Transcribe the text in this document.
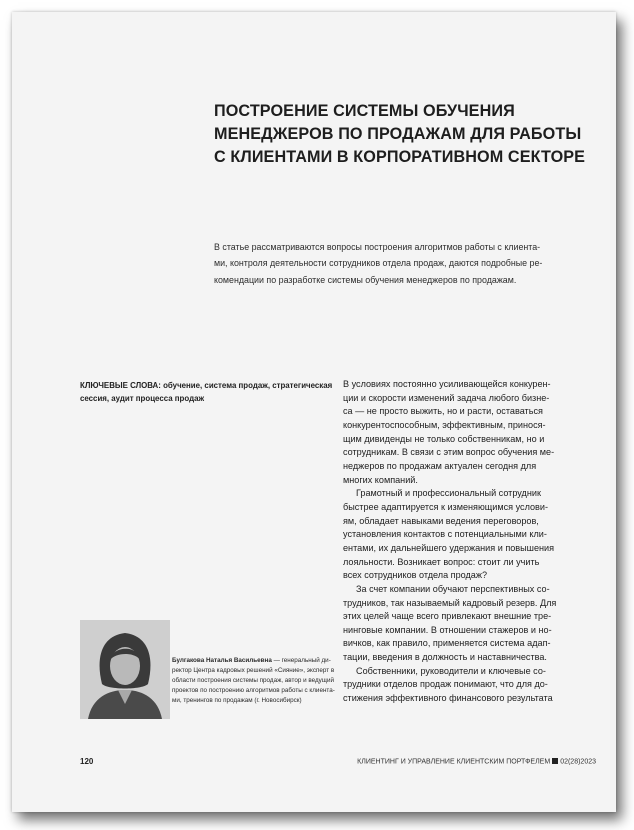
ПОСТРОЕНИЕ СИСТЕМЫ ОБУЧЕНИЯ
МЕНЕДЖЕРОВ ПО ПРОДАЖАМ ДЛЯ РАБОТЫ
С КЛИЕНТАМИ В КОРПОРАТИВНОМ СЕКТОРЕ

В статье рассматриваются вопросы построения алгоритмов работы с клиента-
ми, контроля деятельности сотрудников отдела продаж, даются подробные ре-
комендации по разработке системы обучения менеджеров по продажам.

КЛЮЧЕВЫЕ СЛОВА: обучение, система продаж, стратегическая
сессия, аудит процесса продаж

В условиях постоянно усиливающейся конкурен-
ции и скорости изменений задача любого бизне-
са — не просто выжить, но и расти, оставаться
конкурентоспособным, эффективным, принося-
щим дивиденды не только собственникам, но и
сотрудникам. В связи с этим вопрос обучения ме-
неджеров по продажам актуален сегодня для
многих компаний.
Грамотный и профессиональный сотрудник
быстрее адаптируется к изменяющимся услови-
ям, обладает навыками ведения переговоров,
установления контактов с потенциальными кли-
ентами, их дальнейшего удержания и повышения
лояльности. Возникает вопрос: стоит ли учить
всех сотрудников отдела продаж?
За счет компании обучают перспективных со-
трудников, так называемый кадровый резерв. Для
этих целей чаще всего привлекают внешние тре-
нинговые компании. В отношении стажеров и но-
вичков, как правило, применяется система адап-
тации, введения в должность и наставничества.
Собственники, руководители и ключевые со-
трудники отделов продаж понимают, что для до-
стижения эффективного финансового результата

Булгакова Наталья Васильевна — генеральный ди-
ректор Центра кадровых решений «Сияние», эксперт в
области построения системы продаж, автор и ведущий
проектов по построению алгоритмов работы с клиента-
ми, тренингов по продажам (г. Новосибирск)

120	КЛИЕНТИНГ И УПРАВЛЕНИЕ КЛИЕНТСКИМ ПОРТФЕЛЕМ 02(28)2023
